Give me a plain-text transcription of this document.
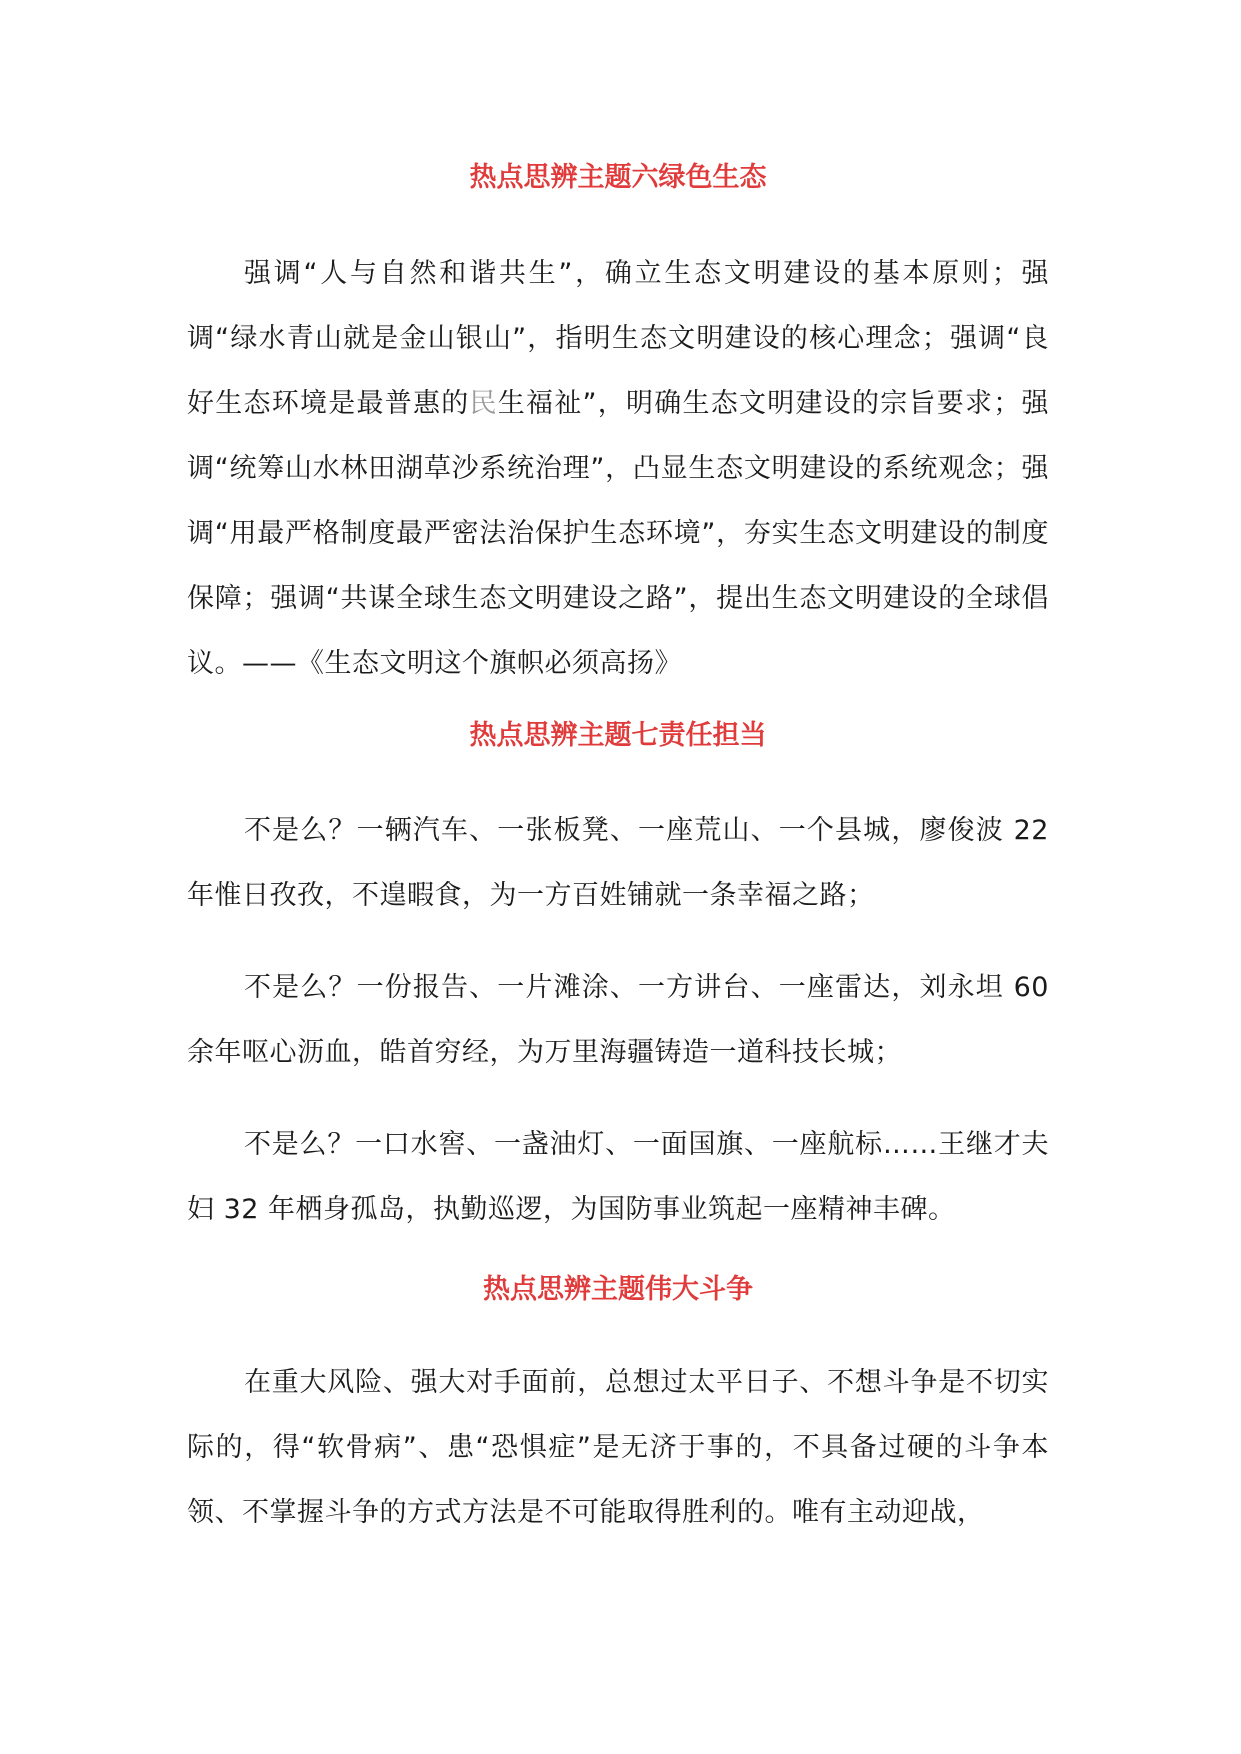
热点思辨主题六绿色生态

强调“人与自然和谐共生”，确立生态文明建设的基本原则；强调“绿水青山就是金山银山”，指明生态文明建设的核心理念；强调“良好生态环境是最普惠的民生福祉”，明确生态文明建设的宗旨要求；强调“统筹山水林田湖草沙系统治理”，凸显生态文明建设的系统观念；强调“用最严格制度最严密法治保护生态环境”，夯实生态文明建设的制度保障；强调“共谋全球生态文明建设之路”，提出生态文明建设的全球倡议。——《生态文明这个旗帜必须高扬》

热点思辨主题七责任担当

不是么？一辆汽车、一张板凳、一座荒山、一个县城，廖俊波 22 年惟日孜孜，不遑暇食，为一方百姓铺就一条幸福之路；

不是么？一份报告、一片滩涂、一方讲台、一座雷达，刘永坦 60 余年呕心沥血，皓首穷经，为万里海疆铸造一道科技长城；

不是么？一口水窖、一盏油灯、一面国旗、一座航标……王继才夫妇 32 年栖身孤岛，执勤巡逻，为国防事业筑起一座精神丰碑。

热点思辨主题伟大斗争

在重大风险、强大对手面前，总想过太平日子、不想斗争是不切实际的，得“软骨病”、患“恐惧症”是无济于事的，不具备过硬的斗争本领、不掌握斗争的方式方法是不可能取得胜利的。唯有主动迎战，
